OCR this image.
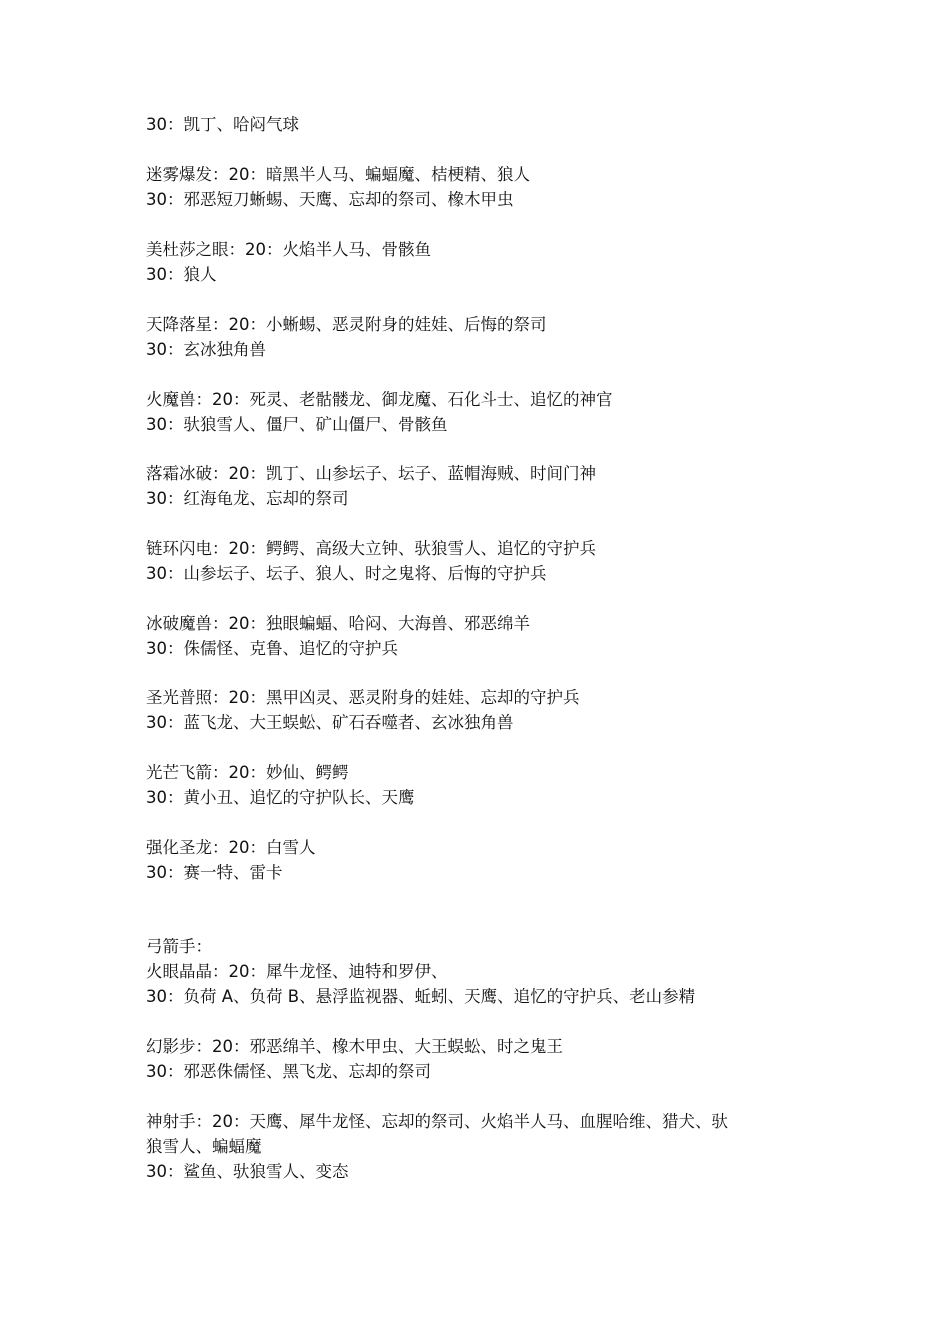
30：凯丁、哈闷气球
迷雾爆发：20：暗黑半人马、蝙蝠魔、桔梗精、狼人
30：邪恶短刀蜥蜴、天鹰、忘却的祭司、橡木甲虫
美杜莎之眼：20：火焰半人马、骨骸鱼
30：狼人
天降落星：20：小蜥蜴、恶灵附身的娃娃、后悔的祭司
30：玄冰独角兽
火魔兽：20：死灵、老骷髅龙、御龙魔、石化斗士、追忆的神官
30：驮狼雪人、僵尸、矿山僵尸、骨骸鱼
落霜冰破：20：凯丁、山参坛子、坛子、蓝帽海贼、时间门神
30：红海龟龙、忘却的祭司
链环闪电：20：鳄鳄、高级大立钟、驮狼雪人、追忆的守护兵
30：山参坛子、坛子、狼人、时之鬼将、后悔的守护兵
冰破魔兽：20：独眼蝙蝠、哈闷、大海兽、邪恶绵羊
30：侏儒怪、克鲁、追忆的守护兵
圣光普照：20：黑甲凶灵、恶灵附身的娃娃、忘却的守护兵
30：蓝飞龙、大王蜈蚣、矿石吞噬者、玄冰独角兽
光芒飞箭：20：妙仙、鳄鳄
30：黄小丑、追忆的守护队长、天鹰
强化圣龙：20：白雪人
30：赛一特、雷卡
弓箭手：
火眼晶晶：20：犀牛龙怪、迪特和罗伊、
30：负荷 A、负荷 B、悬浮监视器、蚯蚓、天鹰、追忆的守护兵、老山参精
幻影步：20：邪恶绵羊、橡木甲虫、大王蜈蚣、时之鬼王
30：邪恶侏儒怪、黑飞龙、忘却的祭司
神射手：20：天鹰、犀牛龙怪、忘却的祭司、火焰半人马、血腥哈维、猎犬、驮
狼雪人、蝙蝠魔
30：鲨鱼、驮狼雪人、变态
